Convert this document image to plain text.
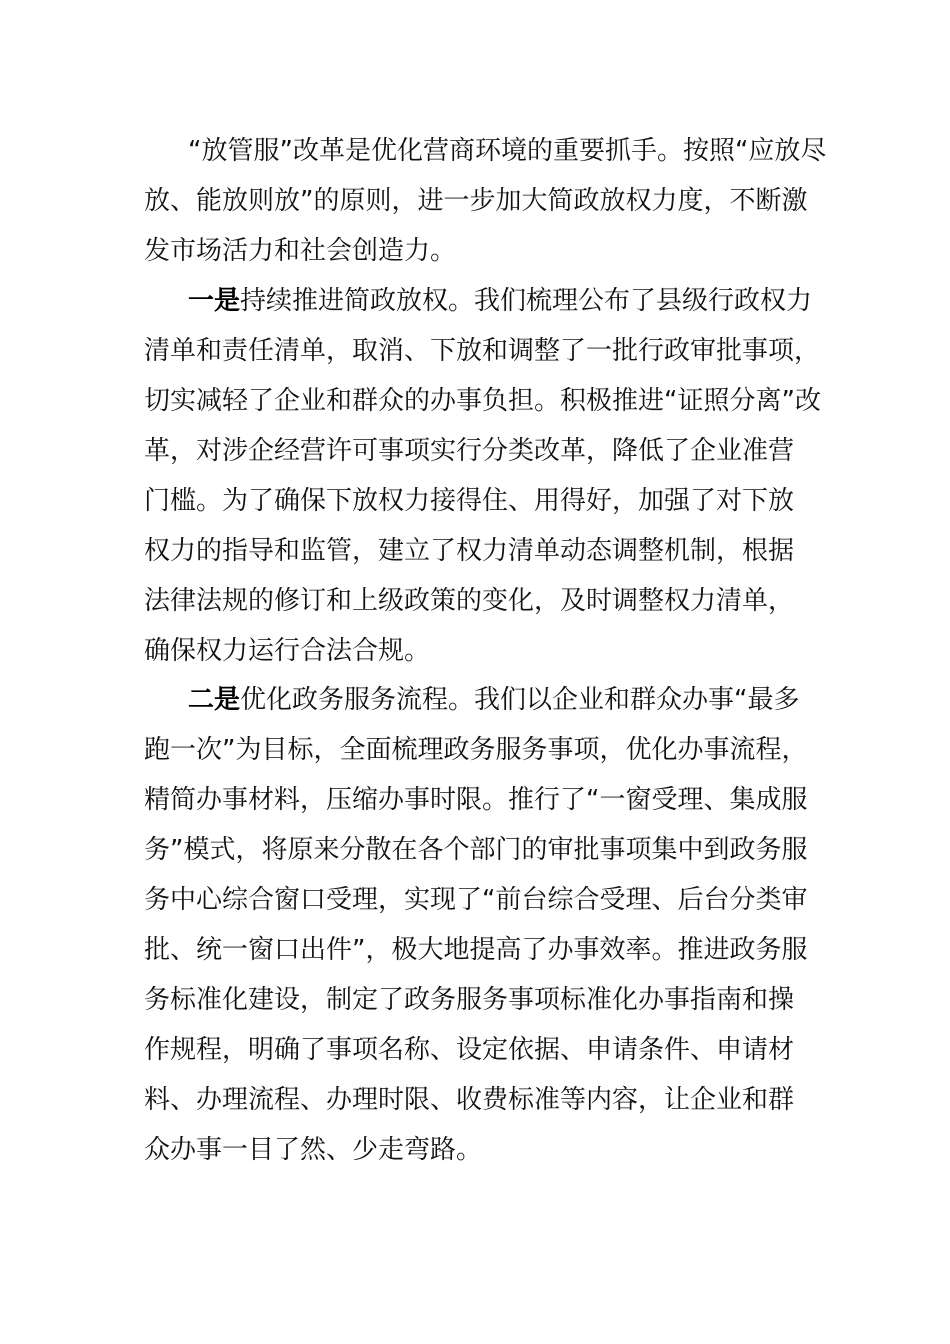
“放管服”改革是优化营商环境的重要抓手。按照“应放尽
放、能放则放”的原则，进一步加大简政放权力度，不断激
发市场活力和社会创造力。
一是持续推进简政放权。我们梳理公布了县级行政权力
清单和责任清单，取消、下放和调整了一批行政审批事项，
切实减轻了企业和群众的办事负担。积极推进“证照分离”改
革，对涉企经营许可事项实行分类改革，降低了企业准营
门槛。为了确保下放权力接得住、用得好，加强了对下放
权力的指导和监管，建立了权力清单动态调整机制，根据
法律法规的修订和上级政策的变化，及时调整权力清单，
确保权力运行合法合规。
二是优化政务服务流程。我们以企业和群众办事“最多
跑一次”为目标，全面梳理政务服务事项，优化办事流程，
精简办事材料，压缩办事时限。推行了“一窗受理、集成服
务”模式，将原来分散在各个部门的审批事项集中到政务服
务中心综合窗口受理，实现了“前台综合受理、后台分类审
批、统一窗口出件”，极大地提高了办事效率。推进政务服
务标准化建设，制定了政务服务事项标准化办事指南和操
作规程，明确了事项名称、设定依据、申请条件、申请材
料、办理流程、办理时限、收费标准等内容，让企业和群
众办事一目了然、少走弯路。
